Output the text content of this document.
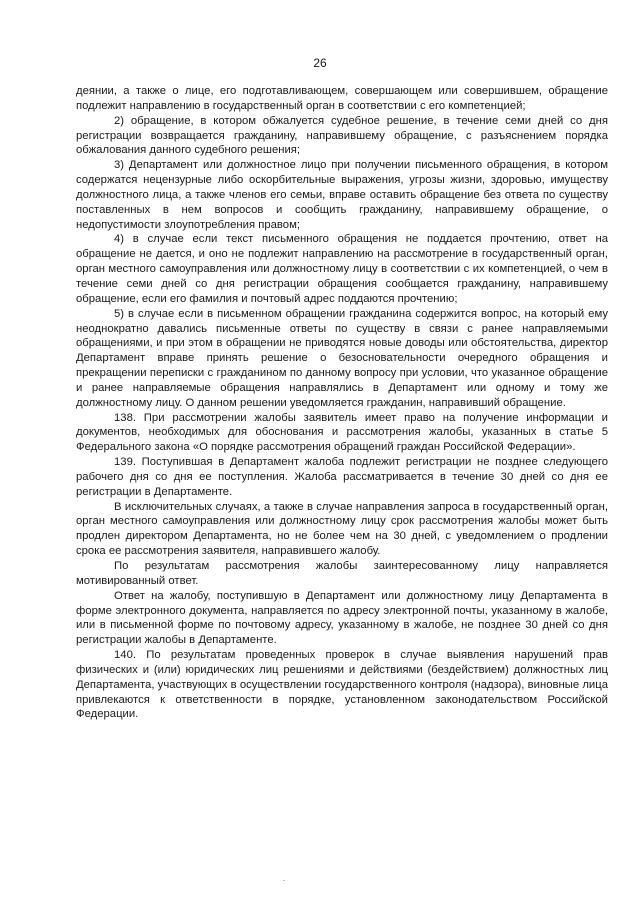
26

деянии, а также о лице, его подготавливающем, совершающем или совершившем, обращение подлежит направлению в государственный орган в соответствии с его компетенцией;

2) обращение, в котором обжалуется судебное решение, в течение семи дней со дня регистрации возвращается гражданину, направившему обращение, с разъяснением порядка обжалования данного судебного решения;

3) Департамент или должностное лицо при получении письменного обращения, в котором содержатся нецензурные либо оскорбительные выражения, угрозы жизни, здоровью, имуществу должностного лица, а также членов его семьи, вправе оставить обращение без ответа по существу поставленных в нем вопросов и сообщить гражданину, направившему обращение, о недопустимости злоупотребления правом;

4) в случае если текст письменного обращения не поддается прочтению, ответ на обращение не дается, и оно не подлежит направлению на рассмотрение в государственный орган, орган местного самоуправления или должностному лицу в соответствии с их компетенцией, о чем в течение семи дней со дня регистрации обращения сообщается гражданину, направившему обращение, если его фамилия и почтовый адрес поддаются прочтению;

5) в случае если в письменном обращении гражданина содержится вопрос, на который ему неоднократно давались письменные ответы по существу в связи с ранее направляемыми обращениями, и при этом в обращении не приводятся новые доводы или обстоятельства, директор Департамент вправе принять решение о безосновательности очередного обращения и прекращении переписки с гражданином по данному вопросу при условии, что указанное обращение и ранее направляемые обращения направлялись в Департамент или одному и тому же должностному лицу. О данном решении уведомляется гражданин, направивший обращение.

138. При рассмотрении жалобы заявитель имеет право на получение информации и документов, необходимых для обоснования и рассмотрения жалобы, указанных в статье 5 Федерального закона «О порядке рассмотрения обращений граждан Российской Федерации».

139. Поступившая в Департамент жалоба подлежит регистрации не позднее следующего рабочего дня со дня ее поступления. Жалоба рассматривается в течение 30 дней со дня ее регистрации в Департаменте.

В исключительных случаях, а также в случае направления запроса в государственный орган, орган местного самоуправления или должностному лицу срок рассмотрения жалобы может быть продлен директором Департамента, но не более чем на 30 дней, с уведомлением о продлении срока ее рассмотрения заявителя, направившего жалобу.

По результатам рассмотрения жалобы заинтересованному лицу направляется мотивированный ответ.

Ответ на жалобу, поступившую в Департамент или должностному лицу Департамента в форме электронного документа, направляется по адресу электронной почты, указанному в жалобе, или в письменной форме по почтовому адресу, указанному в жалобе, не позднее 30 дней со дня регистрации жалобы в Департаменте.

140. По результатам проведенных проверок в случае выявления нарушений прав физических и (или) юридических лиц решениями и действиями (бездействием) должностных лиц Департамента, участвующих в осуществлении государственного контроля (надзора), виновные лица привлекаются к ответственности в порядке, установленном законодательством Российской Федерации.
